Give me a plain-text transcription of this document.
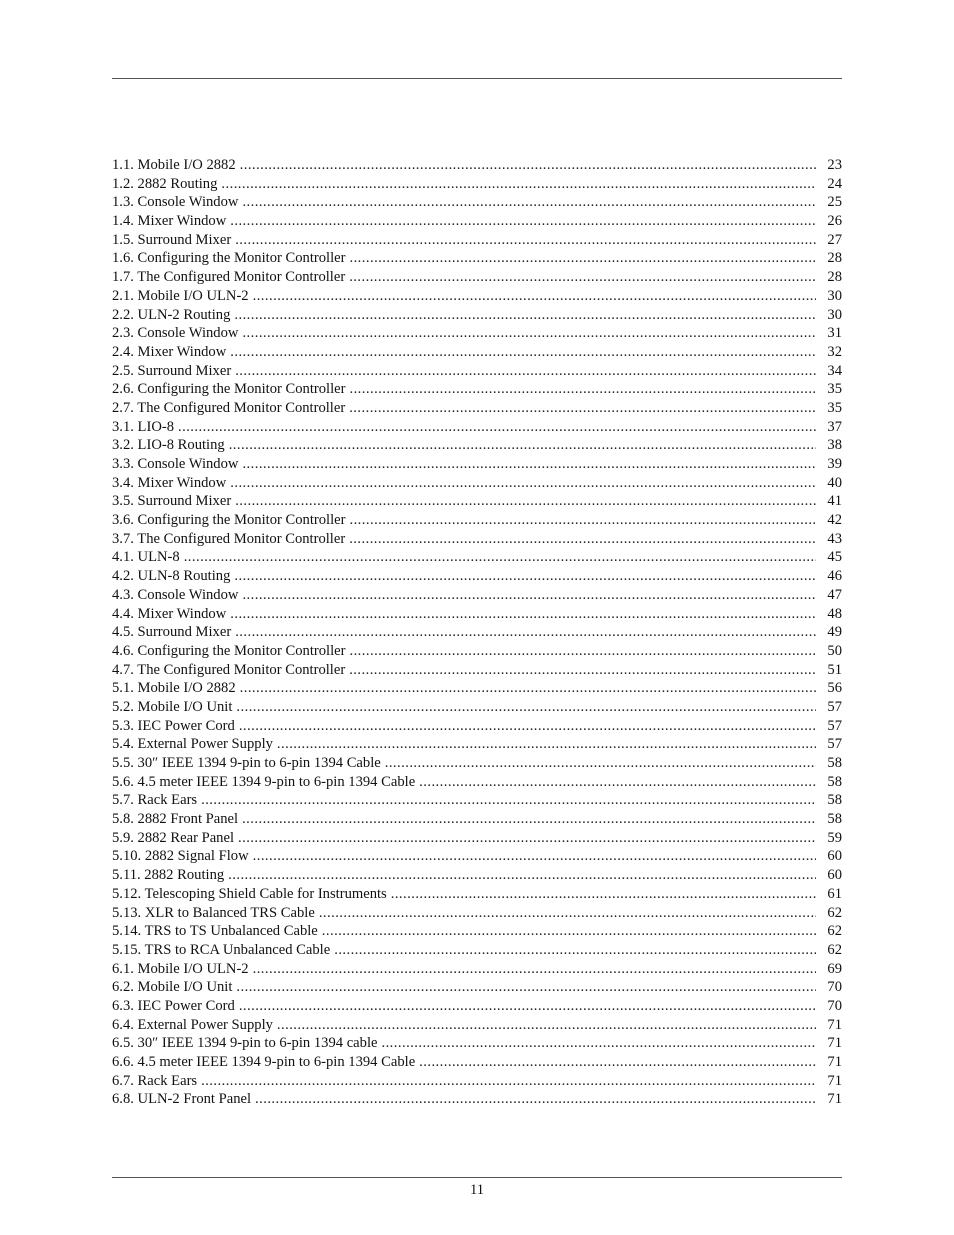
1.1. Mobile I/O 2882 . . .	23
1.2. 2882 Routing . . .	24
1.3. Console Window . . .	25
1.4. Mixer Window . . .	26
1.5. Surround Mixer . . .	27
1.6. Configuring the Monitor Controller . . .	28
1.7. The Configured Monitor Controller . . .	28
2.1. Mobile I/O ULN-2 . . .	30
2.2. ULN-2 Routing . . .	30
2.3. Console Window . . .	31
2.4. Mixer Window . . .	32
2.5. Surround Mixer . . .	34
2.6. Configuring the Monitor Controller . . .	35
2.7. The Configured Monitor Controller . . .	35
3.1. LIO-8 . . .	37
3.2. LIO-8 Routing . . .	38
3.3. Console Window . . .	39
3.4. Mixer Window . . .	40
3.5. Surround Mixer . . .	41
3.6. Configuring the Monitor Controller . . .	42
3.7. The Configured Monitor Controller . . .	43
4.1. ULN-8 . . .	45
4.2. ULN-8 Routing . . .	46
4.3. Console Window . . .	47
4.4. Mixer Window . . .	48
4.5. Surround Mixer . . .	49
4.6. Configuring the Monitor Controller . . .	50
4.7. The Configured Monitor Controller . . .	51
5.1. Mobile I/O 2882 . . .	56
5.2. Mobile I/O Unit . . .	57
5.3. IEC Power Cord . . .	57
5.4. External Power Supply . . .	57
5.5. 30″ IEEE 1394 9-pin to 6-pin 1394 Cable . . .	58
5.6. 4.5 meter IEEE 1394 9-pin to 6-pin 1394 Cable . . .	58
5.7. Rack Ears . . .	58
5.8. 2882 Front Panel . . .	58
5.9. 2882 Rear Panel . . .	59
5.10. 2882 Signal Flow . . .	60
5.11. 2882 Routing . . .	60
5.12. Telescoping Shield Cable for Instruments . . .	61
5.13. XLR to Balanced TRS Cable . . .	62
5.14. TRS to TS Unbalanced Cable . . .	62
5.15. TRS to RCA Unbalanced Cable . . .	62
6.1. Mobile I/O ULN-2 . . .	69
6.2. Mobile I/O Unit . . .	70
6.3. IEC Power Cord . . .	70
6.4. External Power Supply . . .	71
6.5. 30″ IEEE 1394 9-pin to 6-pin 1394 cable . . .	71
6.6. 4.5 meter IEEE 1394 9-pin to 6-pin 1394 Cable . . .	71
6.7. Rack Ears . . .	71
6.8. ULN-2 Front Panel . . .	71
11
